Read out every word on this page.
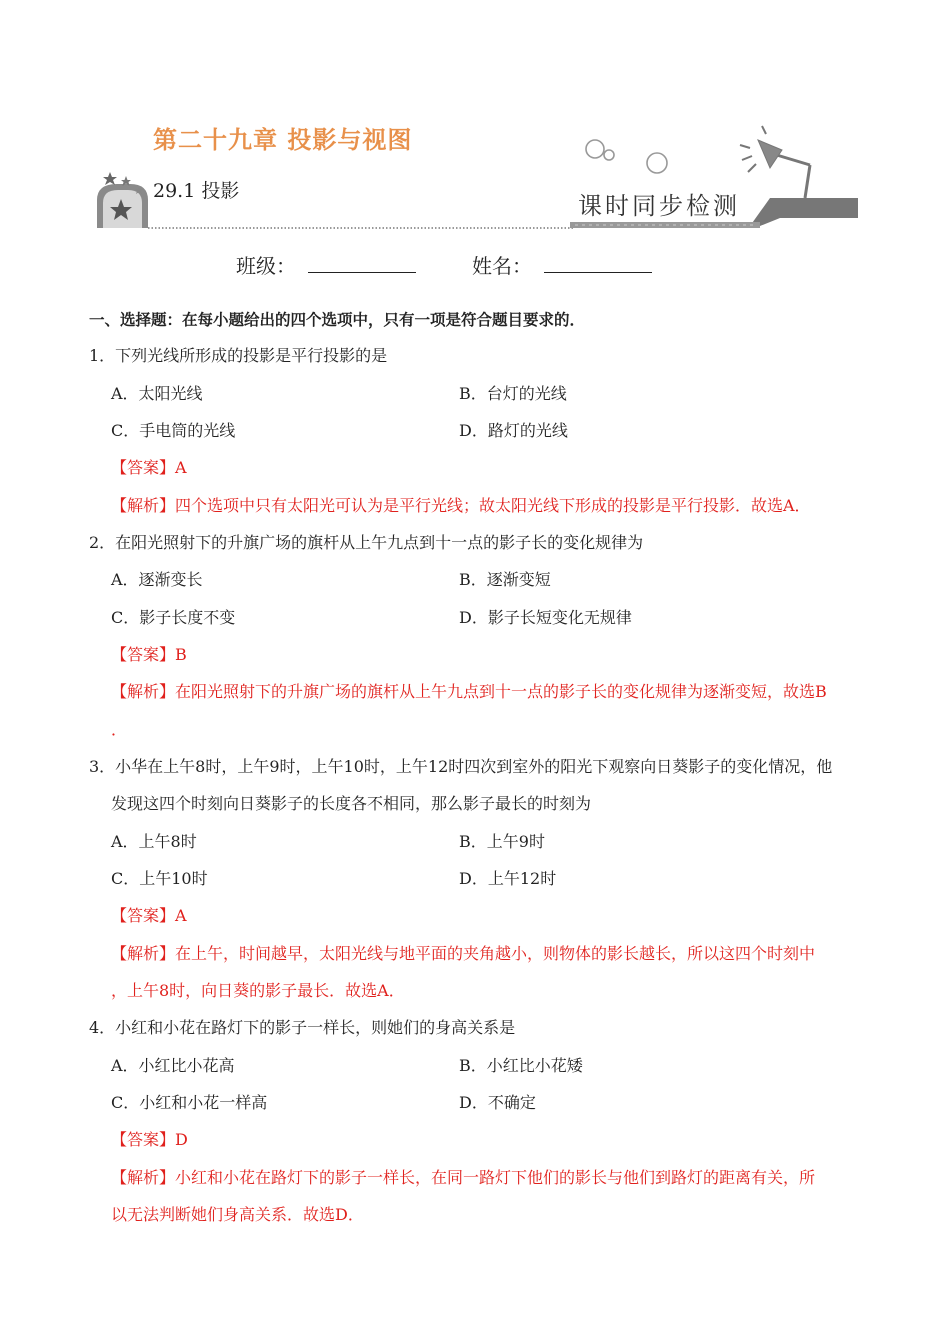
第二十九章 投影与视图
29.1 投影
课时同步检测
班级：	姓名：
一、选择题：在每小题给出的四个选项中，只有一项是符合题目要求的．
1．下列光线所形成的投影是平行投影的是
A．太阳光线	B．台灯的光线
C．手电筒的光线	D．路灯的光线
【答案】A
【解析】四个选项中只有太阳光可认为是平行光线；故太阳光线下形成的投影是平行投影．故选A．
2．在阳光照射下的升旗广场的旗杆从上午九点到十一点的影子长的变化规律为
A．逐渐变长	B．逐渐变短
C．影子长度不变	D．影子长短变化无规律
【答案】B
【解析】在阳光照射下的升旗广场的旗杆从上午九点到十一点的影子长的变化规律为逐渐变短，故选B
．
3．小华在上午8时，上午9时，上午10时，上午12时四次到室外的阳光下观察向日葵影子的变化情况，他
发现这四个时刻向日葵影子的长度各不相同，那么影子最长的时刻为
A．上午8时	B．上午9时
C．上午10时	D．上午12时
【答案】A
【解析】在上午，时间越早，太阳光线与地平面的夹角越小，则物体的影长越长，所以这四个时刻中
，上午8时，向日葵的影子最长．故选A．
4．小红和小花在路灯下的影子一样长，则她们的身高关系是
A．小红比小花高	B．小红比小花矮
C．小红和小花一样高	D．不确定
【答案】D
【解析】小红和小花在路灯下的影子一样长，在同一路灯下他们的影长与他们到路灯的距离有关，所
以无法判断她们身高关系．故选D．
